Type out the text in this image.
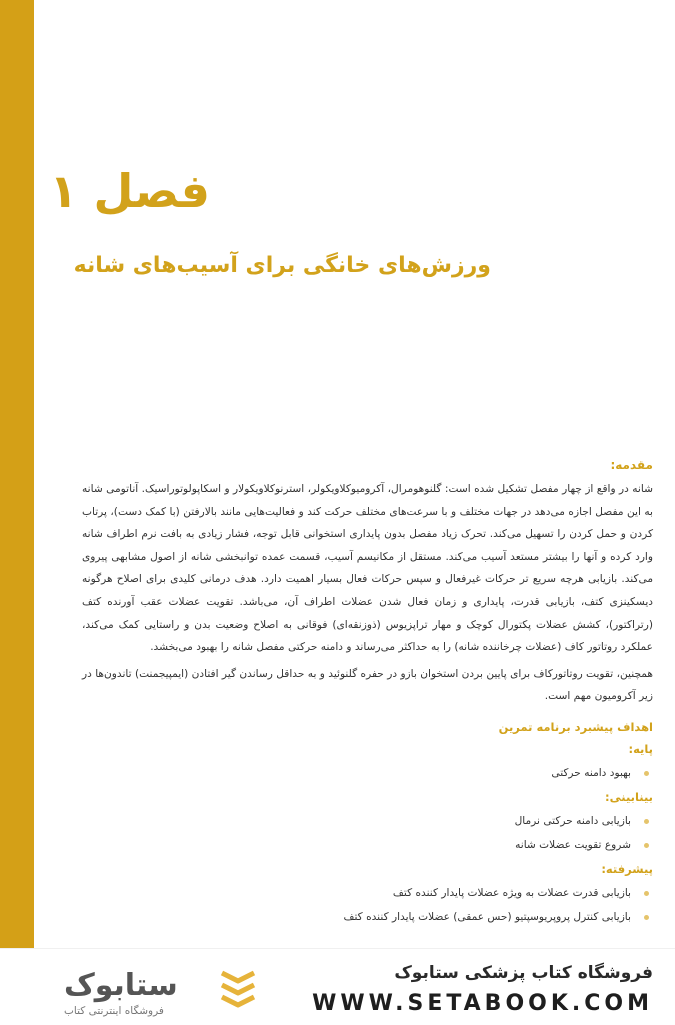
فصل ۱
ورزش‌های خانگی برای آسیب‌های شانه
مقدمه:

شانه در واقع از چهار مفصل تشکیل شده است: گلنوهومرال، آکرومیوکلاویکولر، استرنوکلاویکولار و اسکاپولوتوراسیک. آناتومی شانه به این مفصل اجازه می‌دهد در جهات مختلف و با سرعت‌های مختلف حرکت کند و فعالیت‌هایی مانند بالارفتن (با کمک دست)، پرتاب کردن و حمل کردن را تسهیل می‌کند. تحرک زیاد مفصل بدون پایداری استخوانی قابل توجه، فشار زیادی به بافت نرم اطراف شانه وارد کرده و آنها را بیشتر مستعد آسیب می‌کند. مستقل از مکانیسم آسیب، قسمت عمده توانبخشی شانه از اصول مشابهی پیروی می‌کند. بازیابی هرچه سریع تر حرکات غیرفعال و سپس حرکات فعال بسیار اهمیت دارد. هدف درمانی کلیدی برای اصلاح هرگونه دیسکینزی کتف، بازیابی قدرت، پایداری و زمان فعال شدن عضلات اطراف آن، می‌باشد. تقویت عضلات عقب آورنده کتف (رتراکتور)، کشش عضلات پکتورال کوچک و مهار تراپزیوس (ذوزنقه‌ای) فوقانی به اصلاح وضعیت بدن و راستایی کمک می‌کند، عملکرد روتاتور کاف (عضلات چرخاننده شانه) را به حداکثر می‌رساند و دامنه حرکتی مفصل شانه را بهبود می‌بخشد.

همچنین، تقویت روتاتورکاف برای پایین بردن استخوان بازو در حفره گلنوئید و به حداقل رساندن گیر افتادن (ایمپیجمنت) تاندون‌ها در زیر آکرومیون مهم است.

اهداف پیشبرد برنامه تمرین
پایه:
بهبود دامنه حرکتی
بینابینی:
بازیابی دامنه حرکتی نرمال
شروع تقویت عضلات شانه
پیشرفته:
بازیابی قدرت عضلات به ویژه عضلات پایدار کننده کتف
بازیابی کنترل پروپریوسپتیو (حس عمقی) عضلات پایدار کننده کتف
ستابوک
فروشگاه اینترنتی کتاب
فروشگاه کتاب پزشکی ستابوک
WWW.SETABOOK.COM
